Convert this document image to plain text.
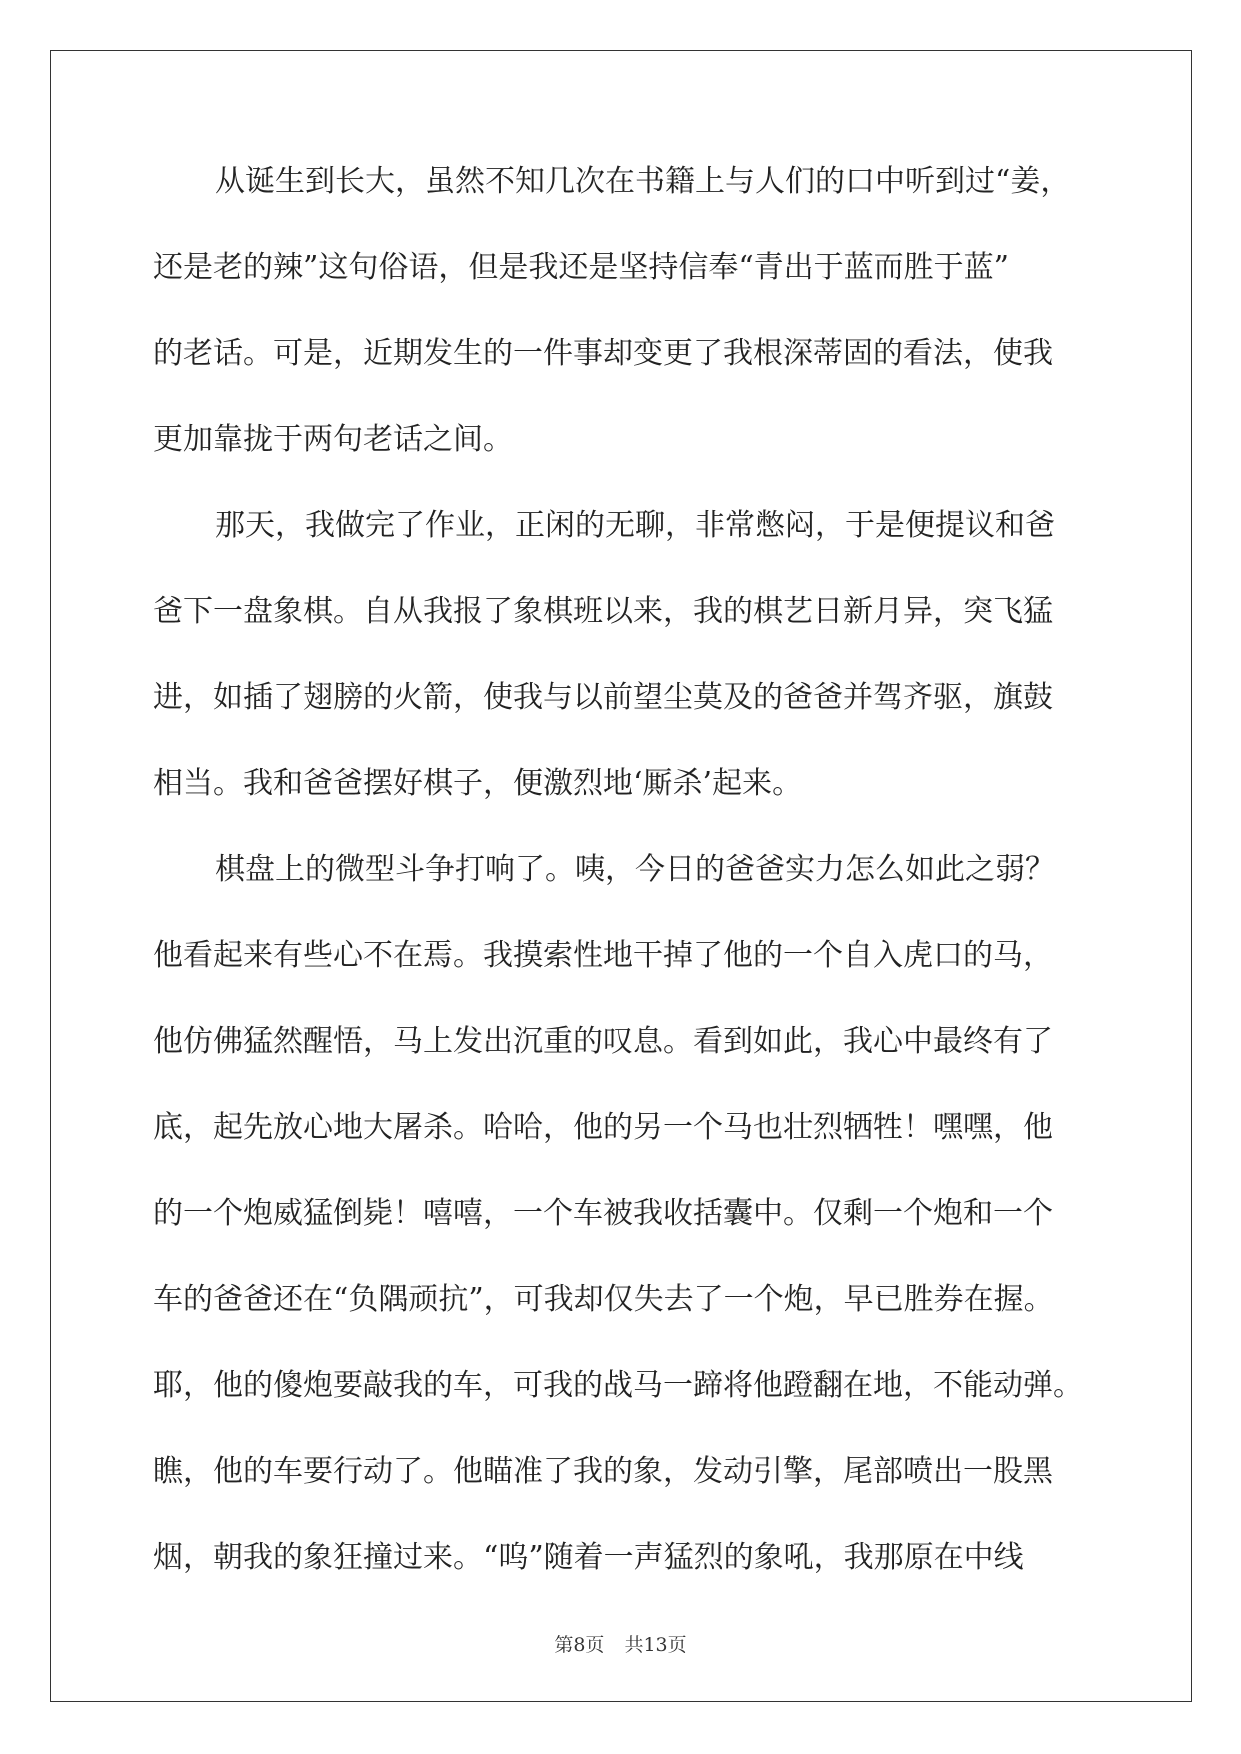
从诞生到长大，虽然不知几次在书籍上与人们的口中听到过“姜，
还是老的辣”这句俗语，但是我还是坚持信奉“青出于蓝而胜于蓝”
的老话。可是，近期发生的一件事却变更了我根深蒂固的看法，使我
更加靠拢于两句老话之间。
那天，我做完了作业，正闲的无聊，非常憋闷，于是便提议和爸
爸下一盘象棋。自从我报了象棋班以来，我的棋艺日新月异，突飞猛
进，如插了翅膀的火箭，使我与以前望尘莫及的爸爸并驾齐驱，旗鼓
相当。我和爸爸摆好棋子，便激烈地‘厮杀’起来。
棋盘上的微型斗争打响了。咦，今日的爸爸实力怎么如此之弱？
他看起来有些心不在焉。我摸索性地干掉了他的一个自入虎口的马，
他仿佛猛然醒悟，马上发出沉重的叹息。看到如此，我心中最终有了
底，起先放心地大屠杀。哈哈，他的另一个马也壮烈牺牲！嘿嘿，他
的一个炮威猛倒毙！嘻嘻，一个车被我收括囊中。仅剩一个炮和一个
车的爸爸还在“负隅顽抗”，可我却仅失去了一个炮，早已胜券在握。
耶，他的傻炮要敲我的车，可我的战马一蹄将他蹬翻在地，不能动弹。
瞧，他的车要行动了。他瞄准了我的象，发动引擎，尾部喷出一股黑
烟，朝我的象狂撞过来。“呜”随着一声猛烈的象吼，我那原在中线
第8页 共13页
